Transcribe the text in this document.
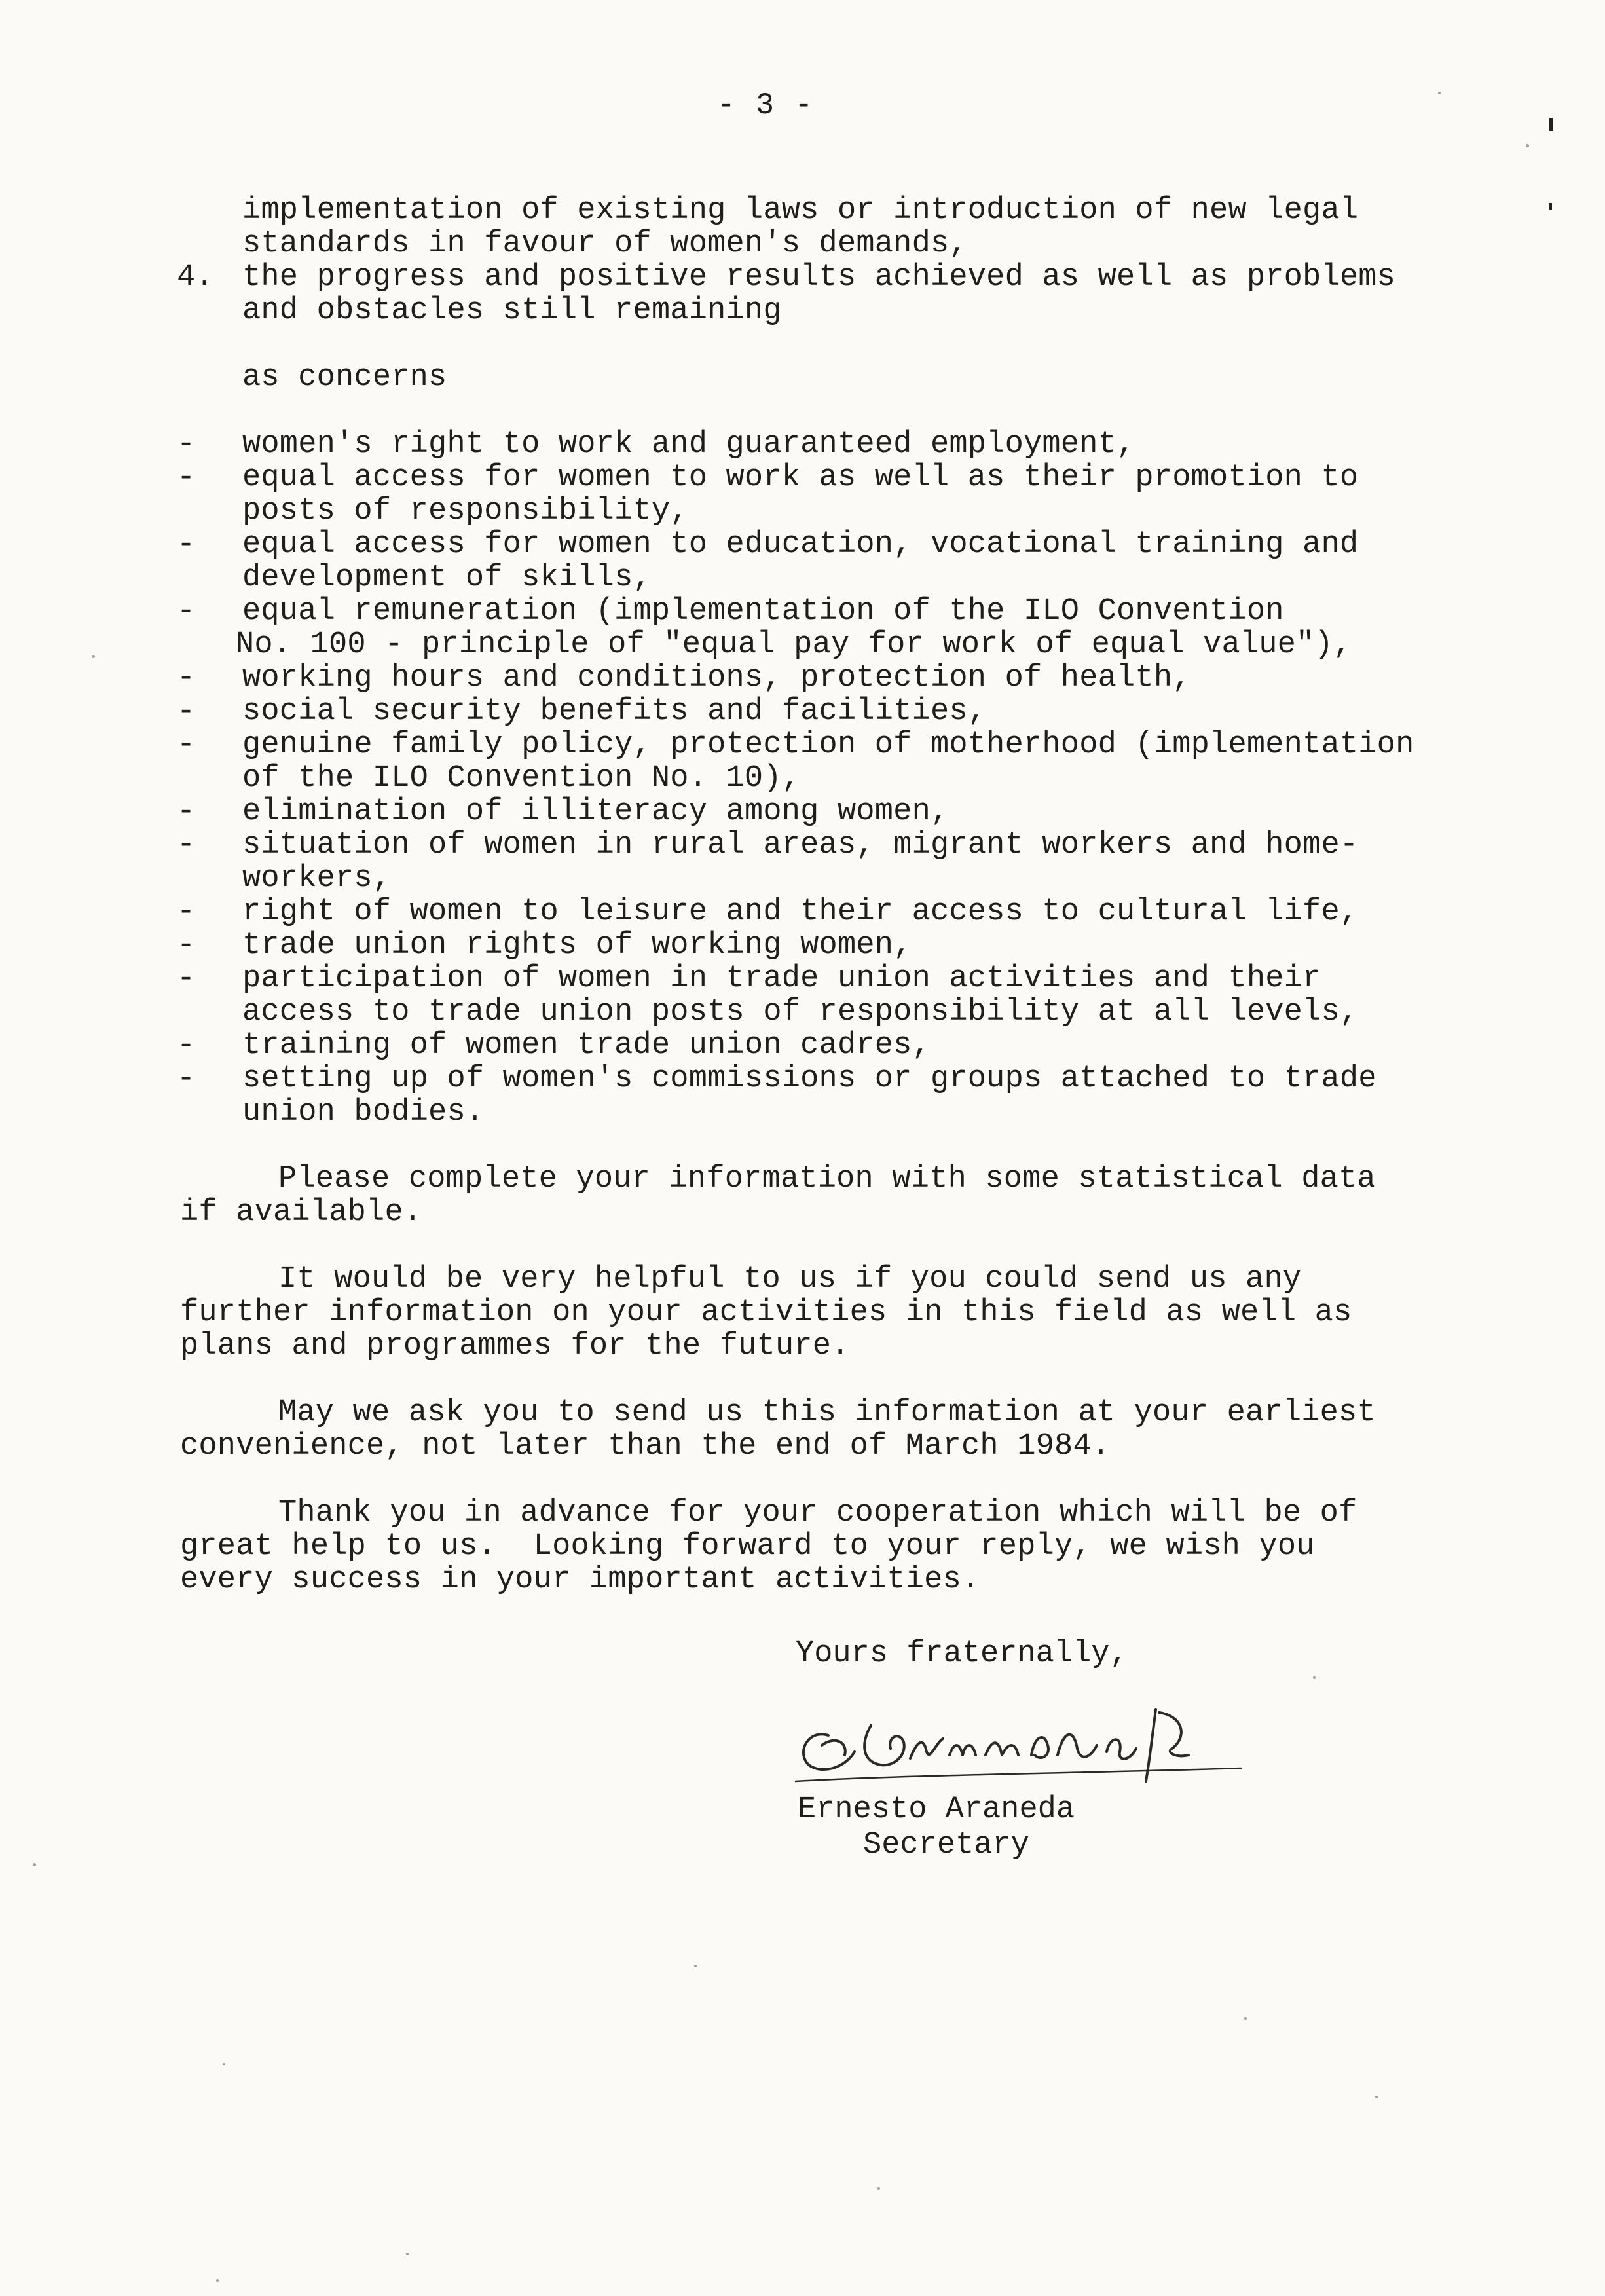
- 3 -
implementation of existing laws or introduction of new legal
standards in favour of women's demands,
4. the progress and positive results achieved as well as problems
and obstacles still remaining
as concerns
- women's right to work and guaranteed employment,
- equal access for women to work as well as their promotion to
posts of responsibility,
- equal access for women to education, vocational training and
development of skills,
- equal remuneration (implementation of the ILO Convention
No. 100 - principle of "equal pay for work of equal value"),
- working hours and conditions, protection of health,
- social security benefits and facilities,
- genuine family policy, protection of motherhood (implementation
of the ILO Convention No. 10),
- elimination of illiteracy among women,
- situation of women in rural areas, migrant workers and home-
workers,
- right of women to leisure and their access to cultural life,
- trade union rights of working women,
- participation of women in trade union activities and their
access to trade union posts of responsibility at all levels,
- training of women trade union cadres,
- setting up of women's commissions or groups attached to trade
union bodies.
Please complete your information with some statistical data
if available.
It would be very helpful to us if you could send us any
further information on your activities in this field as well as
plans and programmes for the future.
May we ask you to send us this information at your earliest
convenience, not later than the end of March 1984.
Thank you in advance for your cooperation which will be of
great help to us.  Looking forward to your reply, we wish you
every success in your important activities.
Yours fraternally,
Ernesto Araneda
Secretary
